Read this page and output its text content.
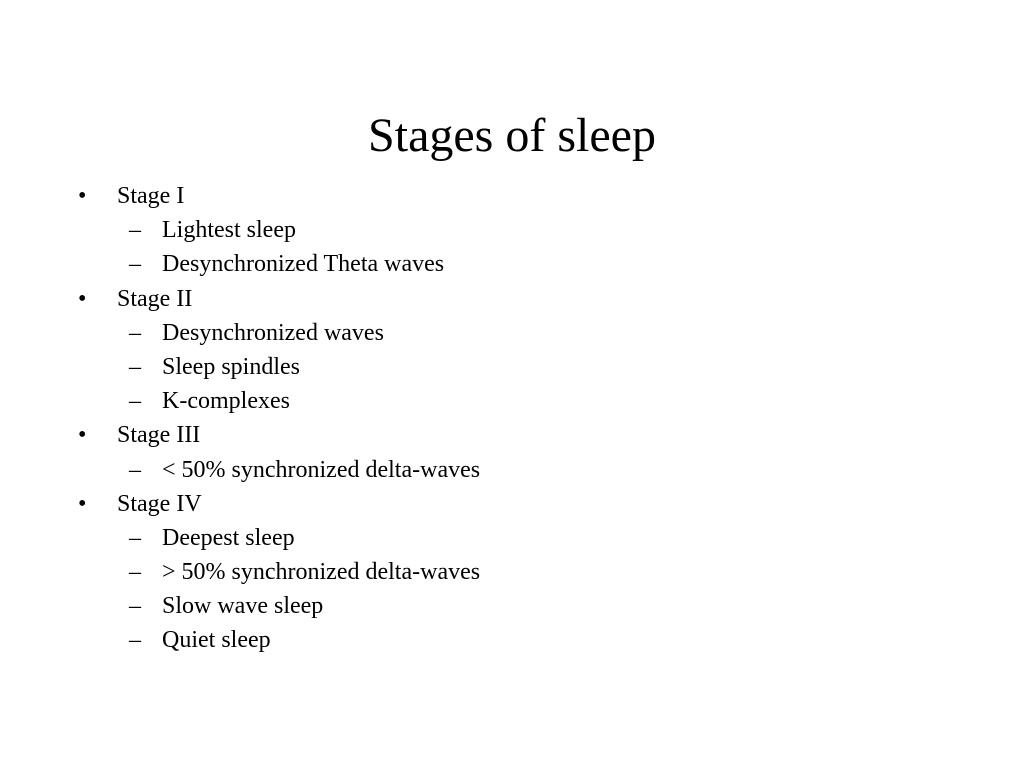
Stages of sleep
• Stage I
– Lightest sleep
– Desynchronized Theta waves
• Stage II
– Desynchronized waves
– Sleep spindles
– K-complexes
• Stage III
– < 50% synchronized delta-waves
• Stage IV
– Deepest sleep
– > 50% synchronized delta-waves
– Slow wave sleep
– Quiet sleep
